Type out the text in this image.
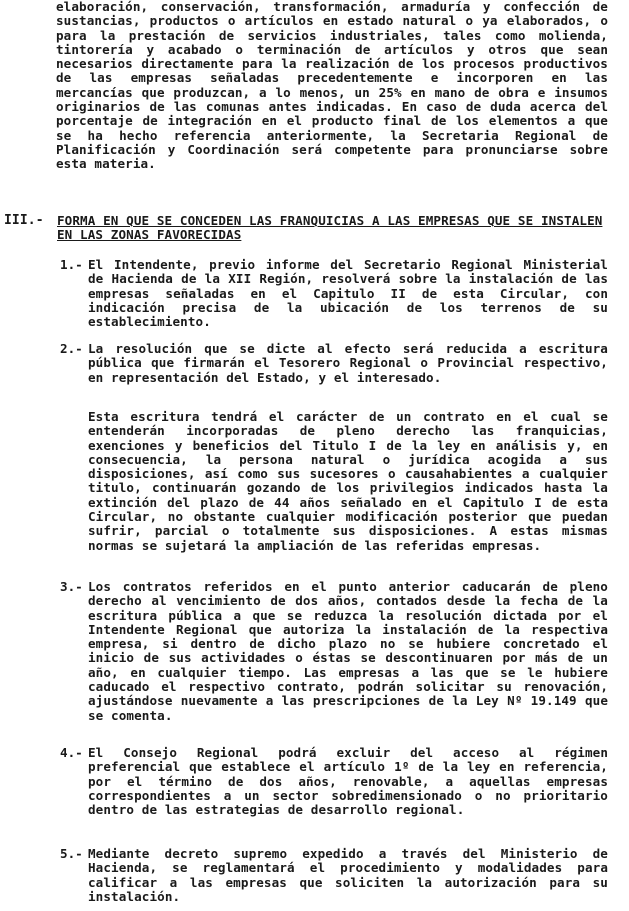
elaboración, conservación, transformación, armaduría y confección de sustancias, productos o artículos en estado natural o ya elaborados, o para la prestación de servicios industriales, tales como molienda, tintorería y acabado o terminación de artículos y otros que sean necesarios directamente para la realización de los procesos productivos de las empresas señaladas precedentemente e incorporen en las mercancías que produzcan, a lo menos, un 25% en mano de obra e insumos originarios de las comunas antes indicadas. En caso de duda acerca del porcentaje de integración en el producto final de los elementos a que se ha hecho referencia anteriormente, la Secretaria Regional de Planificación y Coordinación será competente para pronunciarse sobre esta materia.

III.- FORMA EN QUE SE CONCEDEN LAS FRANQUICIAS A LAS EMPRESAS QUE SE INSTALEN EN LAS ZONAS FAVORECIDAS
1.- El Intendente, previo informe del Secretario Regional Ministerial de Hacienda de la XII Región, resolverá sobre la instalación de las empresas señaladas en el Capitulo II de esta Circular, con indicación precisa de la ubicación de los terrenos de su establecimiento.

2.- La resolución que se dicte al efecto será reducida a escritura pública que firmarán el Tesorero Regional o Provincial respectivo, en representación del Estado, y el interesado.

Esta escritura tendrá el carácter de un contrato en el cual se entenderán incorporadas de pleno derecho las franquicias, exenciones y beneficios del Titulo I de la ley en análisis y, en consecuencia, la persona natural o jurídica acogida a sus disposiciones, así como sus sucesores o causahabientes a cualquier titulo, continuarán gozando de los privilegios indicados hasta la extinción del plazo de 44 años señalado en el Capitulo I de esta Circular, no obstante cualquier modificación posterior que puedan sufrir, parcial o totalmente sus disposiciones. A estas mismas normas se sujetará la ampliación de las referidas empresas.

3.- Los contratos referidos en el punto anterior caducarán de pleno derecho al vencimiento de dos años, contados desde la fecha de la escritura pública a que se reduzca la resolución dictada por el Intendente Regional que autoriza la instalación de la respectiva empresa, si dentro de dicho plazo no se hubiere concretado el inicio de sus actividades o éstas se descontinuaren por más de un año, en cualquier tiempo. Las empresas a las que se le hubiere caducado el respectivo contrato, podrán solicitar su renovación, ajustándose nuevamente a las prescripciones de la Ley Nº 19.149 que se comenta.

4.- El Consejo Regional podrá excluir del acceso al régimen preferencial que establece el artículo 1º de la ley en referencia, por el término de dos años, renovable, a aquellas empresas correspondientes a un sector sobredimensionado o no prioritario dentro de las estrategias de desarrollo regional.

5.- Mediante decreto supremo expedido a través del Ministerio de Hacienda, se reglamentará el procedimiento y modalidades para calificar a las empresas que soliciten la autorización para su instalación.
